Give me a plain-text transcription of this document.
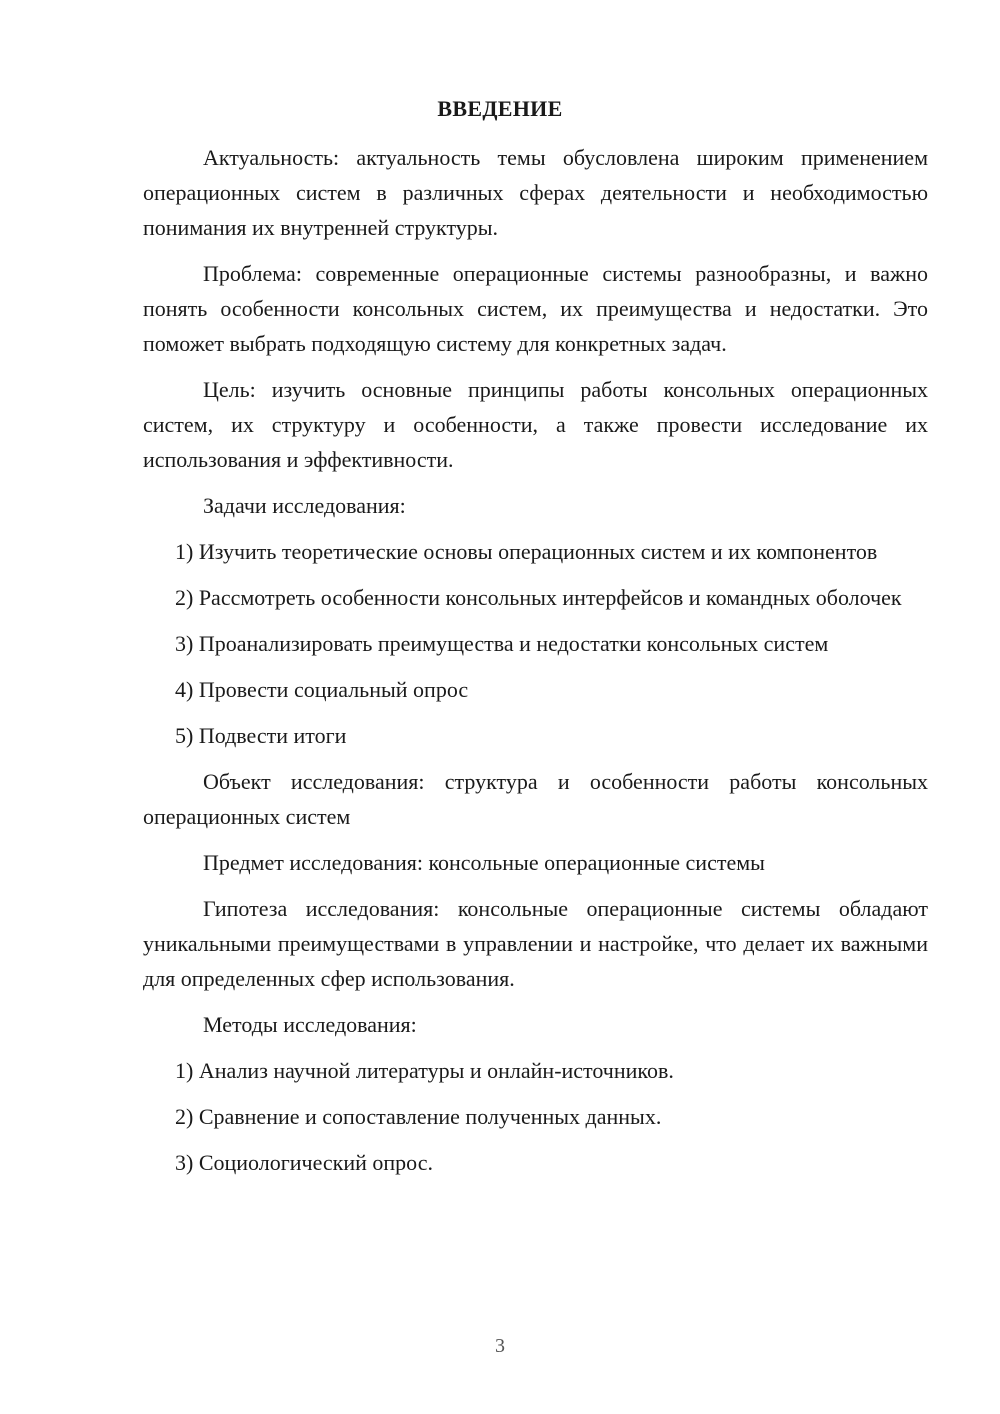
ВВЕДЕНИЕ

Актуальность: актуальность темы обусловлена широким применением операционных систем в различных сферах деятельности и необходимостью понимания их внутренней структуры.

Проблема: современные операционные системы разнообразны, и важно понять особенности консольных систем, их преимущества и недостатки. Это поможет выбрать подходящую систему для конкретных задач.

Цель: изучить основные принципы работы консольных операционных систем, их структуру и особенности, а также провести исследование их использования и эффективности.

Задачи исследования:

1) Изучить теоретические основы операционных систем и их компонентов

2) Рассмотреть особенности консольных интерфейсов и командных оболочек

3) Проанализировать преимущества и недостатки консольных систем

4) Провести социальный опрос

5) Подвести итоги

Объект исследования: структура и особенности работы консольных операционных систем

Предмет исследования: консольные операционные системы

Гипотеза исследования: консольные операционные системы обладают уникальными преимуществами в управлении и настройке, что делает их важными для определенных сфер использования.

Методы исследования:

1) Анализ научной литературы и онлайн-источников.

2) Сравнение и сопоставление полученных данных.

3) Социологический опрос.

3
